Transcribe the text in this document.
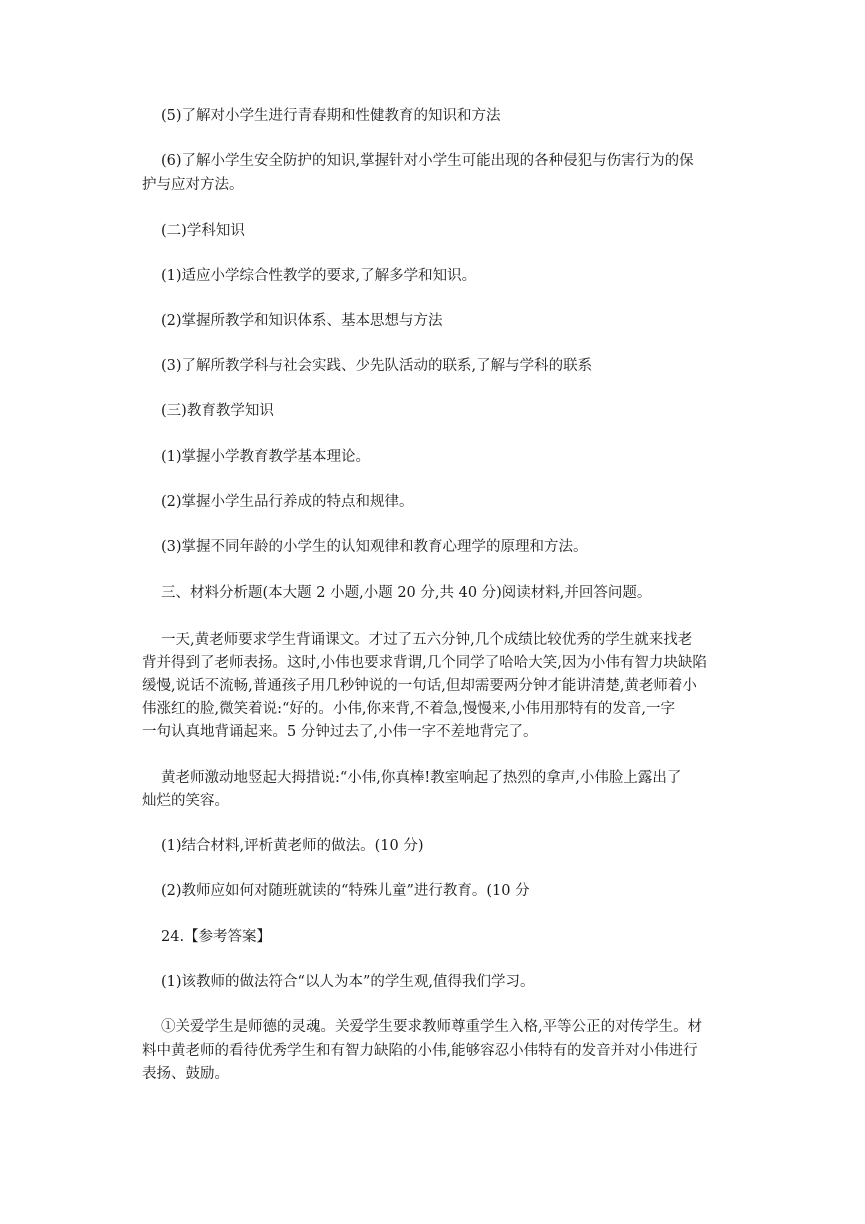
(5)了解对小学生进行青春期和性健教育的知识和方法
(6)了解小学生安全防护的知识,掌握针对小学生可能出现的各种侵犯与伤害行为的保
护与应对方法。
(二)学科知识
(1)适应小学综合性教学的要求,了解多学和知识。
(2)掌握所教学和知识体系、基本思想与方法
(3)了解所教学科与社会实践、少先队活动的联系,了解与学科的联系
(三)教育教学知识
(1)掌握小学教育教学基本理论。
(2)掌握小学生品行养成的特点和规律。
(3)掌握不同年龄的小学生的认知观律和教育心理学的原理和方法。
三、材料分析题(本大题 2 小题,小题 20 分,共 40 分)阅读材料,并回答问题。
一天,黄老师要求学生背诵课文。才过了五六分钟,几个成绩比较优秀的学生就来找老
背并得到了老师表扬。这时,小伟也要求背谓,几个同学了哈哈大笑,因为小伟有智力块缺陷
缓慢,说话不流畅,普通孩子用几秒钟说的一句话,但却需要两分钟才能讲清楚,黄老师着小
伟涨红的脸,微笑着说:“好的。小伟,你来背,不着急,慢慢来,小伟用那特有的发音,一字
一句认真地背诵起来。5 分钟过去了,小伟一字不差地背完了。
黄老师激动地竖起大拇措说:“小伟,你真棒!教室响起了热烈的拿声,小伟脸上露出了
灿烂的笑容。
(1)结合材料,评析黄老师的做法。(10 分)
(2)教师应如何对随班就读的“特殊儿童”进行教育。(10 分
24.【参考答案】
(1)该教师的做法符合“以人为本”的学生观,值得我们学习。
①关爱学生是师德的灵魂。关爱学生要求教师尊重学生入格,平等公正的对传学生。材
料中黄老师的看待优秀学生和有智力缺陷的小伟,能够容忍小伟特有的发音并对小伟进行
表扬、鼓励。
